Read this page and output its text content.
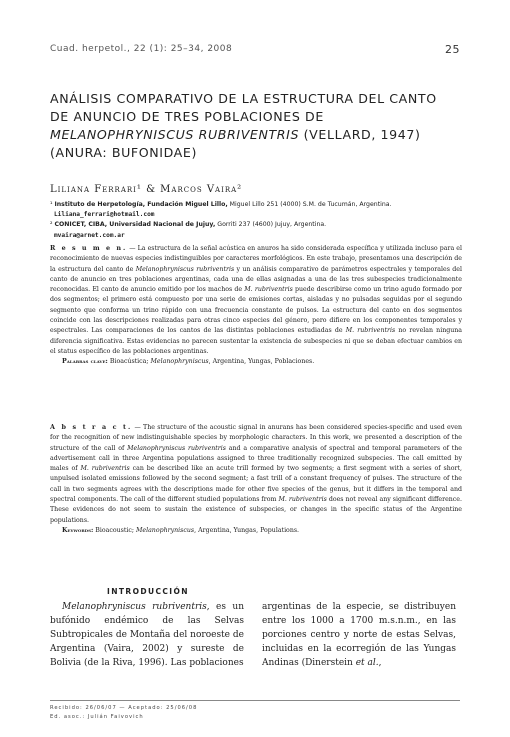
Cuad. herpetol., 22 (1): 25–34, 2008	25
ANÁLISIS COMPARATIVO DE LA ESTRUCTURA DEL CANTO
DE ANUNCIO DE TRES POBLACIONES DE
MELANOPHRYNISCUS RUBRIVENTRIS (VELLARD, 1947)
(ANURA: BUFONIDAE)
Liliana Ferrari¹ & Marcos Vaira²
¹ Instituto de Herpetología, Fundación Miguel Lillo, Miguel Lillo 251 (4000) S.M. de Tucumán, Argentina.
Liliana_ferrari@hotmail.com
² CONICET, CIBA, Universidad Nacional de Jujuy, Gorriti 237 (4600) Jujuy, Argentina.
mvaira@arnet.com.ar
R e s u m e n. — La estructura de la señal acústica en anuros ha sido considerada específica y utilizada incluso para el reconocimiento de nuevas especies indistinguibles por caracteres morfológicos. En este trabajo, presentamos una descripción de la estructura del canto de Melanophryniscus rubriventris y un análisis comparativo de parámetros espectrales y temporales del canto de anuncio en tres poblaciones argentinas, cada una de ellas asignadas a una de las tres subespecies tradicionalmente reconocidas. El canto de anuncio emitido por los machos de M. rubriventris puede describirse como un trino agudo formado por dos segmentos; el primero está compuesto por una serie de emisiones cortas, aisladas y no pulsadas seguidas por el segundo segmento que conforma un trino rápido con una frecuencia constante de pulsos. La estructura del canto en dos segmentos coincide con las descripciones realizadas para otras cinco especies del género, pero difiere en los componentes temporales y espectrales. Las comparaciones de los cantos de las distintas poblaciones estudiadas de M. rubriventris no revelan ninguna diferencia significativa. Estas evidencias no parecen sustentar la existencia de subespecies ni que se deban efectuar cambios en el status específico de las poblaciones argentinas.
Palabras clave: Bioacústica; Melanophryniscus, Argentina, Yungas, Poblaciones.
A b s t r a c t. — The structure of the acoustic signal in anurans has been considered species-specific and used even for the recognition of new indistinguishable species by morphologic characters. In this work, we presented a description of the structure of the call of Melanophryniscus rubriventris and a comparative analysis of spectral and temporal parameters of the advertisement call in three Argentina populations assigned to three traditionally recognized subspecies. The call emitted by males of M. rubriventris can be described like an acute trill formed by two segments; a first segment with a series of short, unpulsed isolated emissions followed by the second segment; a fast trill of a constant frequency of pulses. The structure of the call in two segments agrees with the descriptions made for other five species of the genus, but it differs in the temporal and spectral components. The call of the different studied populations from M. rubriventris does not reveal any significant difference. These evidences do not seem to sustain the existence of subspecies, or changes in the specific status of the Argentine populations.
Keywords: Bioacoustic; Melanophryniscus, Argentina, Yungas, Populations.
INTRODUCCIÓN
Melanophryniscus rubriventris, es un bufónido endémico de las Selvas Subtropicales de Montaña del noroeste de Argentina (Vaira, 2002) y sureste de Bolivia (de la Riva, 1996). Las poblaciones
argentinas de la especie, se distribuyen entre los 1000 a 1700 m.s.n.m., en las porciones centro y norte de estas Selvas, incluidas en la ecorregión de las Yungas Andinas (Dinerstein et al.,
Recibido: 26/06/07 — Aceptado: 25/06/08
Ed. asoc.: Julián Faivovich
